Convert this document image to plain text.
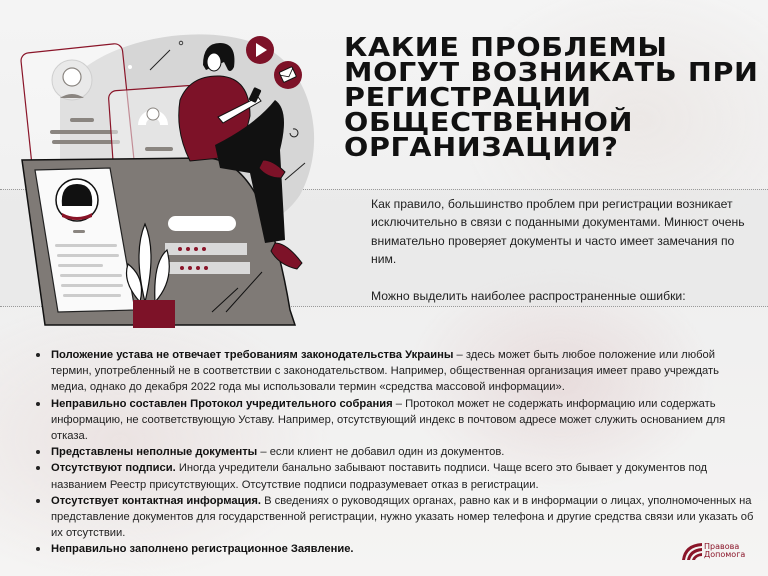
КАКИЕ ПРОБЛЕМЫ
МОГУТ ВОЗНИКАТЬ ПРИ
РЕГИСТРАЦИИ
ОБЩЕСТВЕННОЙ
ОРГАНИЗАЦИИ?

Как правило, большинство проблем при регистрации возникает исключительно в связи с поданными документами. Минюст очень внимательно проверяет документы и часто имеет замечания по ним.

Можно выделить наиболее распространенные ошибки:

Положение устава не отвечает требованиям законодательства Украины – здесь может быть любое положение или любой термин, употребленный не в соответствии с законодательством. Например, общественная организация имеет право учреждать медиа, однако до декабря 2022 года мы использовали термин «средства массовой информации».
Неправильно составлен Протокол учредительного собрания – Протокол может не содержать информацию или содержать информацию, не соответствующую Уставу. Например, отсутствующий индекс в почтовом адресе может служить основанием для отказа.
Представлены неполные документы – если клиент не добавил один из документов.
Отсутствуют подписи. Иногда учредители банально забывают поставить подписи. Чаще всего это бывает у документов под названием Реестр присутствующих. Отсутствие подписи подразумевает отказ в регистрации.
Отсутствует контактная информация. В сведениях о руководящих органах, равно как и в информации о лицах, уполномоченных на представление документов для государственной регистрации, нужно указать номер телефона и другие средства связи или указать об их отсутствии.
Неправильно заполнено регистрационное Заявление.	Правова
Допомога
